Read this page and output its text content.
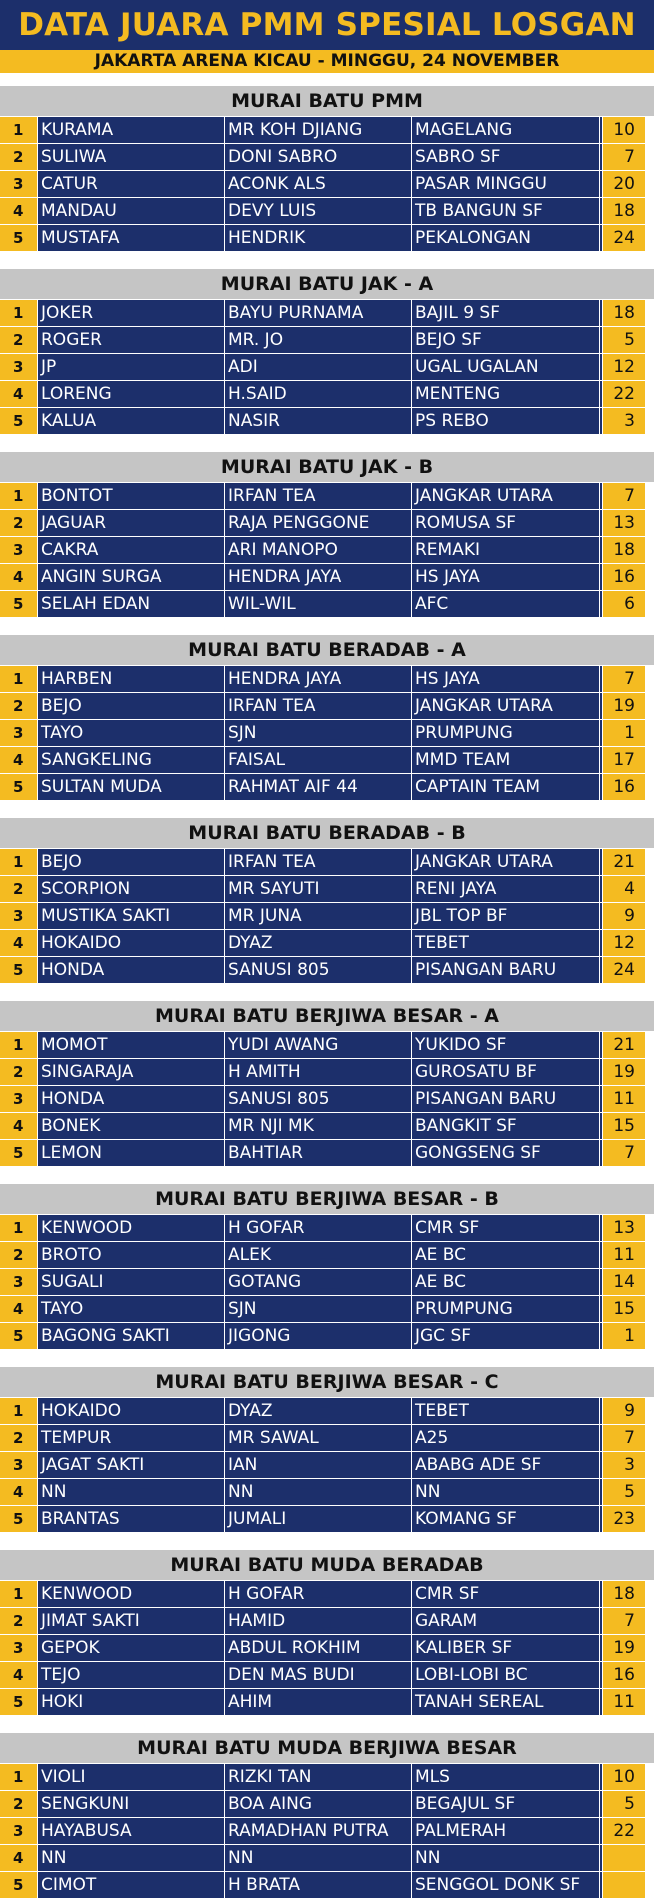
DATA JUARA PMM SPESIAL LOSGAN
JAKARTA ARENA KICAU - MINGGU, 24 NOVEMBER
MURAI BATU PMM
1	KURAMA	MR KOH DJIANG	MAGELANG	10
2	SULIWA	DONI SABRO	SABRO SF	7
3	CATUR	ACONK ALS	PASAR MINGGU	20
4	MANDAU	DEVY LUIS	TB BANGUN SF	18
5	MUSTAFA	HENDRIK	PEKALONGAN	24
MURAI BATU JAK - A
1	JOKER	BAYU PURNAMA	BAJIL 9 SF	18
2	ROGER	MR. JO	BEJO SF	5
3	JP	ADI	UGAL UGALAN	12
4	LORENG	H.SAID	MENTENG	22
5	KALUA	NASIR	PS REBO	3
MURAI BATU JAK - B
1	BONTOT	IRFAN TEA	JANGKAR UTARA	7
2	JAGUAR	RAJA PENGGONE	ROMUSA SF	13
3	CAKRA	ARI MANOPO	REMAKI	18
4	ANGIN SURGA	HENDRA JAYA	HS JAYA	16
5	SELAH EDAN	WIL-WIL	AFC	6
MURAI BATU BERADAB - A
1	HARBEN	HENDRA JAYA	HS JAYA	7
2	BEJO	IRFAN TEA	JANGKAR UTARA	19
3	TAYO	SJN	PRUMPUNG	1
4	SANGKELING	FAISAL	MMD TEAM	17
5	SULTAN MUDA	RAHMAT AIF 44	CAPTAIN TEAM	16
MURAI BATU BERADAB - B
1	BEJO	IRFAN TEA	JANGKAR UTARA	21
2	SCORPION	MR SAYUTI	RENI JAYA	4
3	MUSTIKA SAKTI	MR JUNA	JBL TOP BF	9
4	HOKAIDO	DYAZ	TEBET	12
5	HONDA	SANUSI 805	PISANGAN BARU	24
MURAI BATU BERJIWA BESAR - A
1	MOMOT	YUDI AWANG	YUKIDO SF	21
2	SINGARAJA	H AMITH	GUROSATU BF	19
3	HONDA	SANUSI 805	PISANGAN BARU	11
4	BONEK	MR NJI MK	BANGKIT SF	15
5	LEMON	BAHTIAR	GONGSENG SF	7
MURAI BATU BERJIWA BESAR - B
1	KENWOOD	H GOFAR	CMR SF	13
2	BROTO	ALEK	AE BC	11
3	SUGALI	GOTANG	AE BC	14
4	TAYO	SJN	PRUMPUNG	15
5	BAGONG SAKTI	JIGONG	JGC SF	1
MURAI BATU BERJIWA BESAR - C
1	HOKAIDO	DYAZ	TEBET	9
2	TEMPUR	MR SAWAL	A25	7
3	JAGAT SAKTI	IAN	ABABG ADE SF	3
4	NN	NN	NN	5
5	BRANTAS	JUMALI	KOMANG SF	23
MURAI BATU MUDA BERADAB
1	KENWOOD	H GOFAR	CMR SF	18
2	JIMAT SAKTI	HAMID	GARAM	7
3	GEPOK	ABDUL ROKHIM	KALIBER SF	19
4	TEJO	DEN MAS BUDI	LOBI-LOBI BC	16
5	HOKI	AHIM	TANAH SEREAL	11
MURAI BATU MUDA BERJIWA BESAR
1	VIOLI	RIZKI TAN	MLS	10
2	SENGKUNI	BOA AING	BEGAJUL SF	5
3	HAYABUSA	RAMADHAN PUTRA	PALMERAH	22
4	NN	NN	NN
5	CIMOT	H BRATA	SENGGOL DONK SF
